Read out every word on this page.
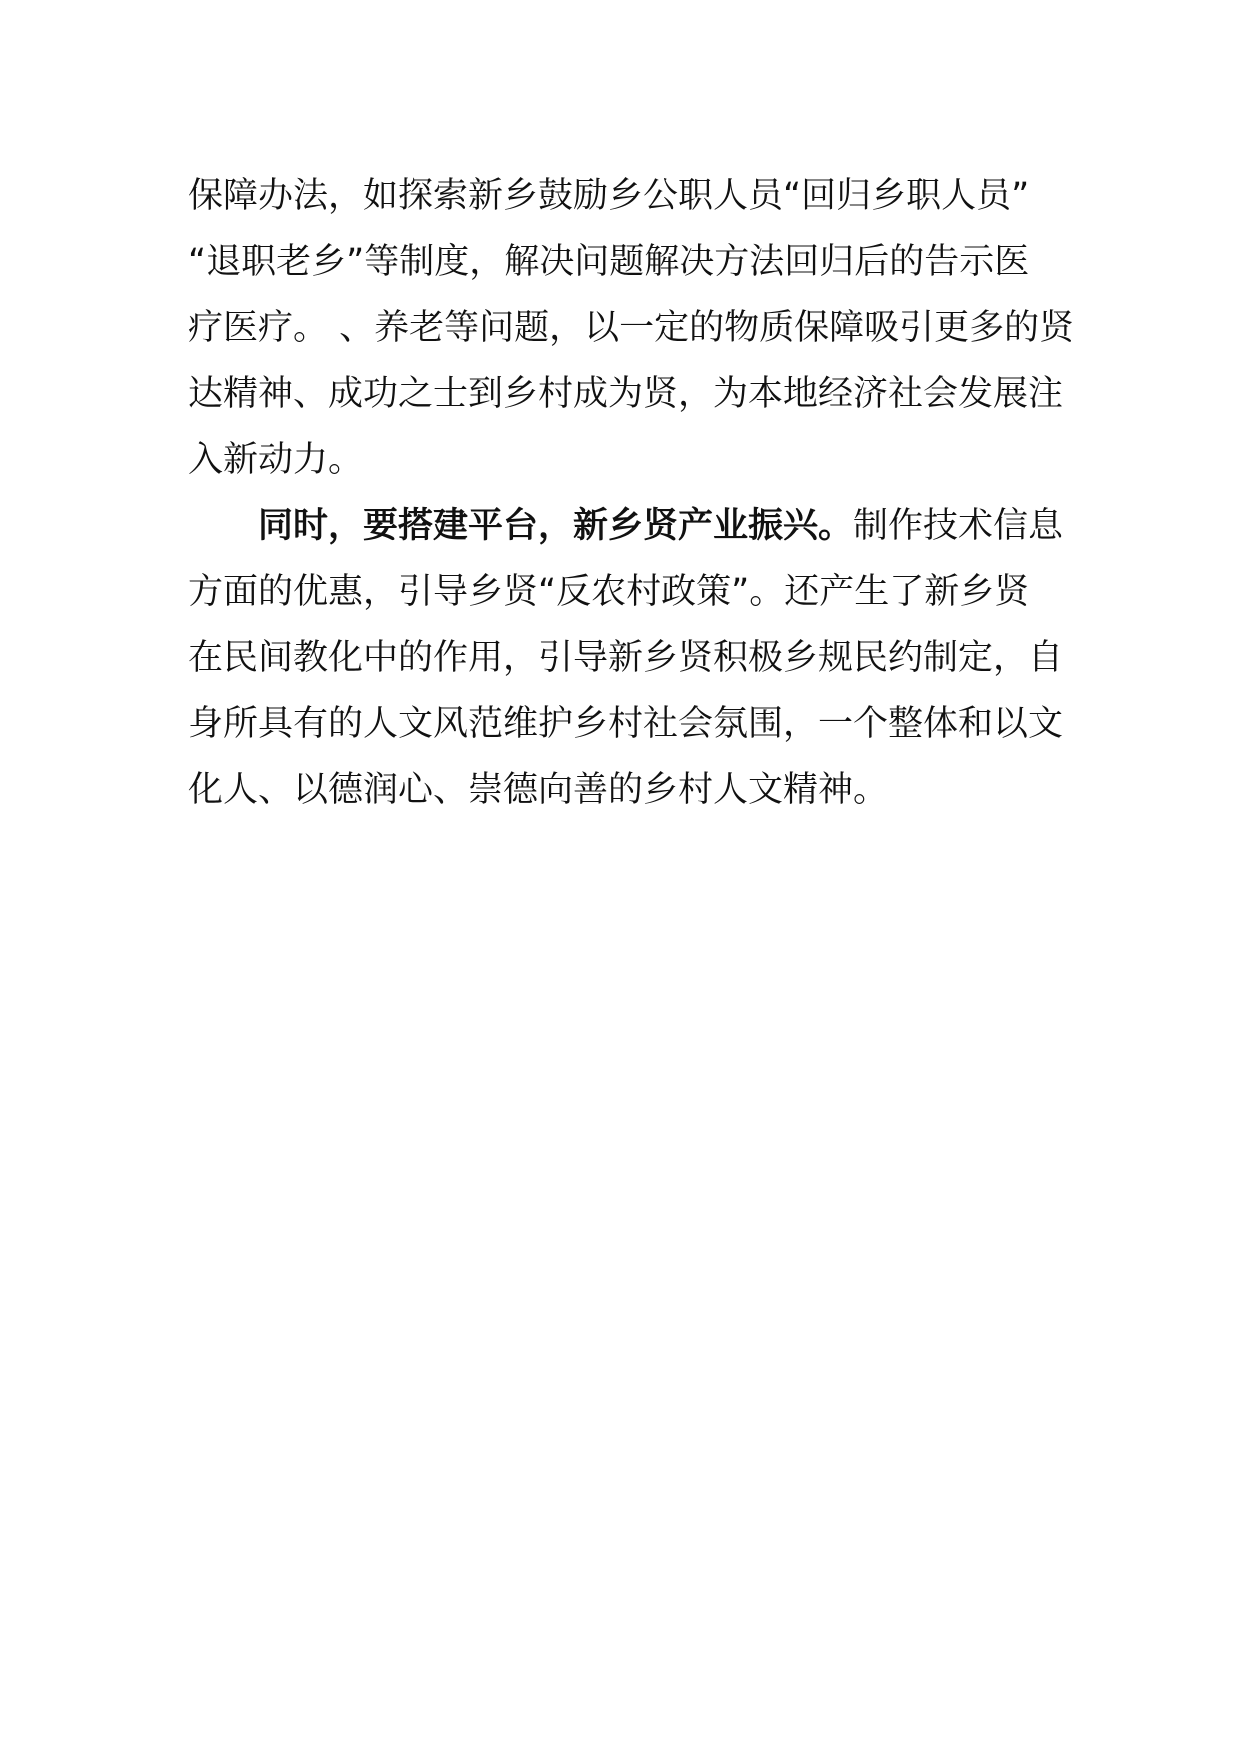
保障办法，如探索新乡鼓励乡公职人员“回归乡职人员”
“退职老乡”等制度，解决问题解决方法回归后的告示医
疗医疗。 、养老等问题，以一定的物质保障吸引更多的贤
达精神、成功之士到乡村成为贤，为本地经济社会发展注
入新动力。
同时，要搭建平台，新乡贤产业振兴。制作技术信息
方面的优惠，引导乡贤“反农村政策”。还产生了新乡贤
在民间教化中的作用，引导新乡贤积极乡规民约制定，自
身所具有的人文风范维护乡村社会氛围，一个整体和以文
化人、以德润心、崇德向善的乡村人文精神。
